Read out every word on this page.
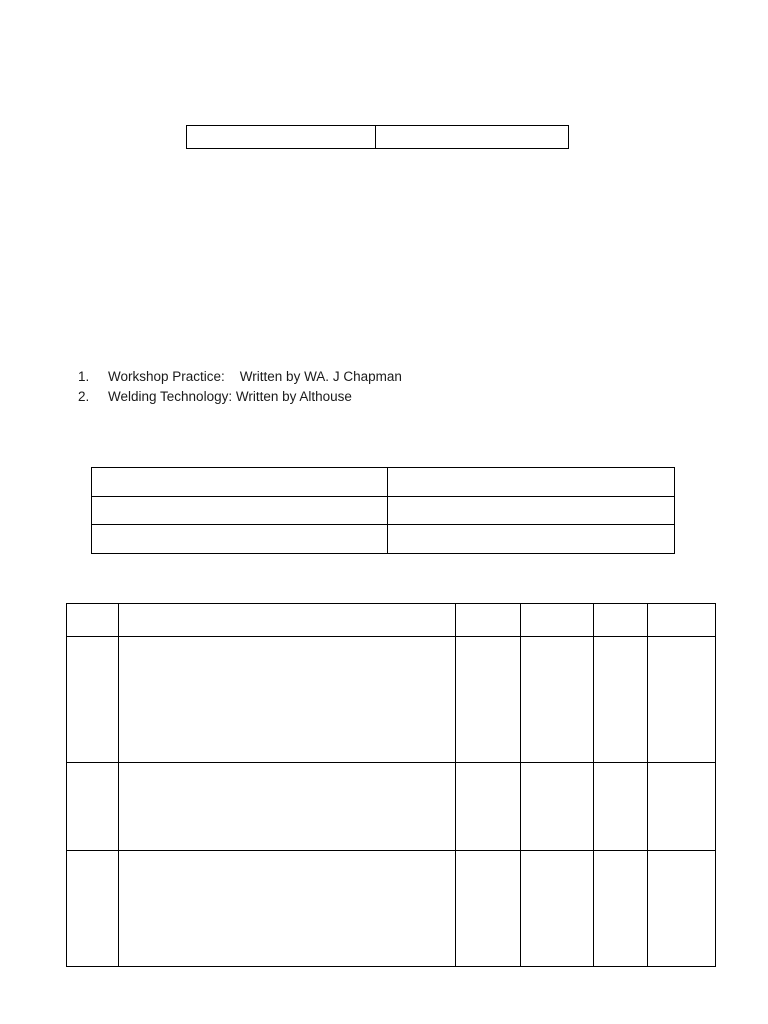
1.	Workshop Practice:    Written by WA. J Chapman
2.	Welding Technology: Written by Althouse
